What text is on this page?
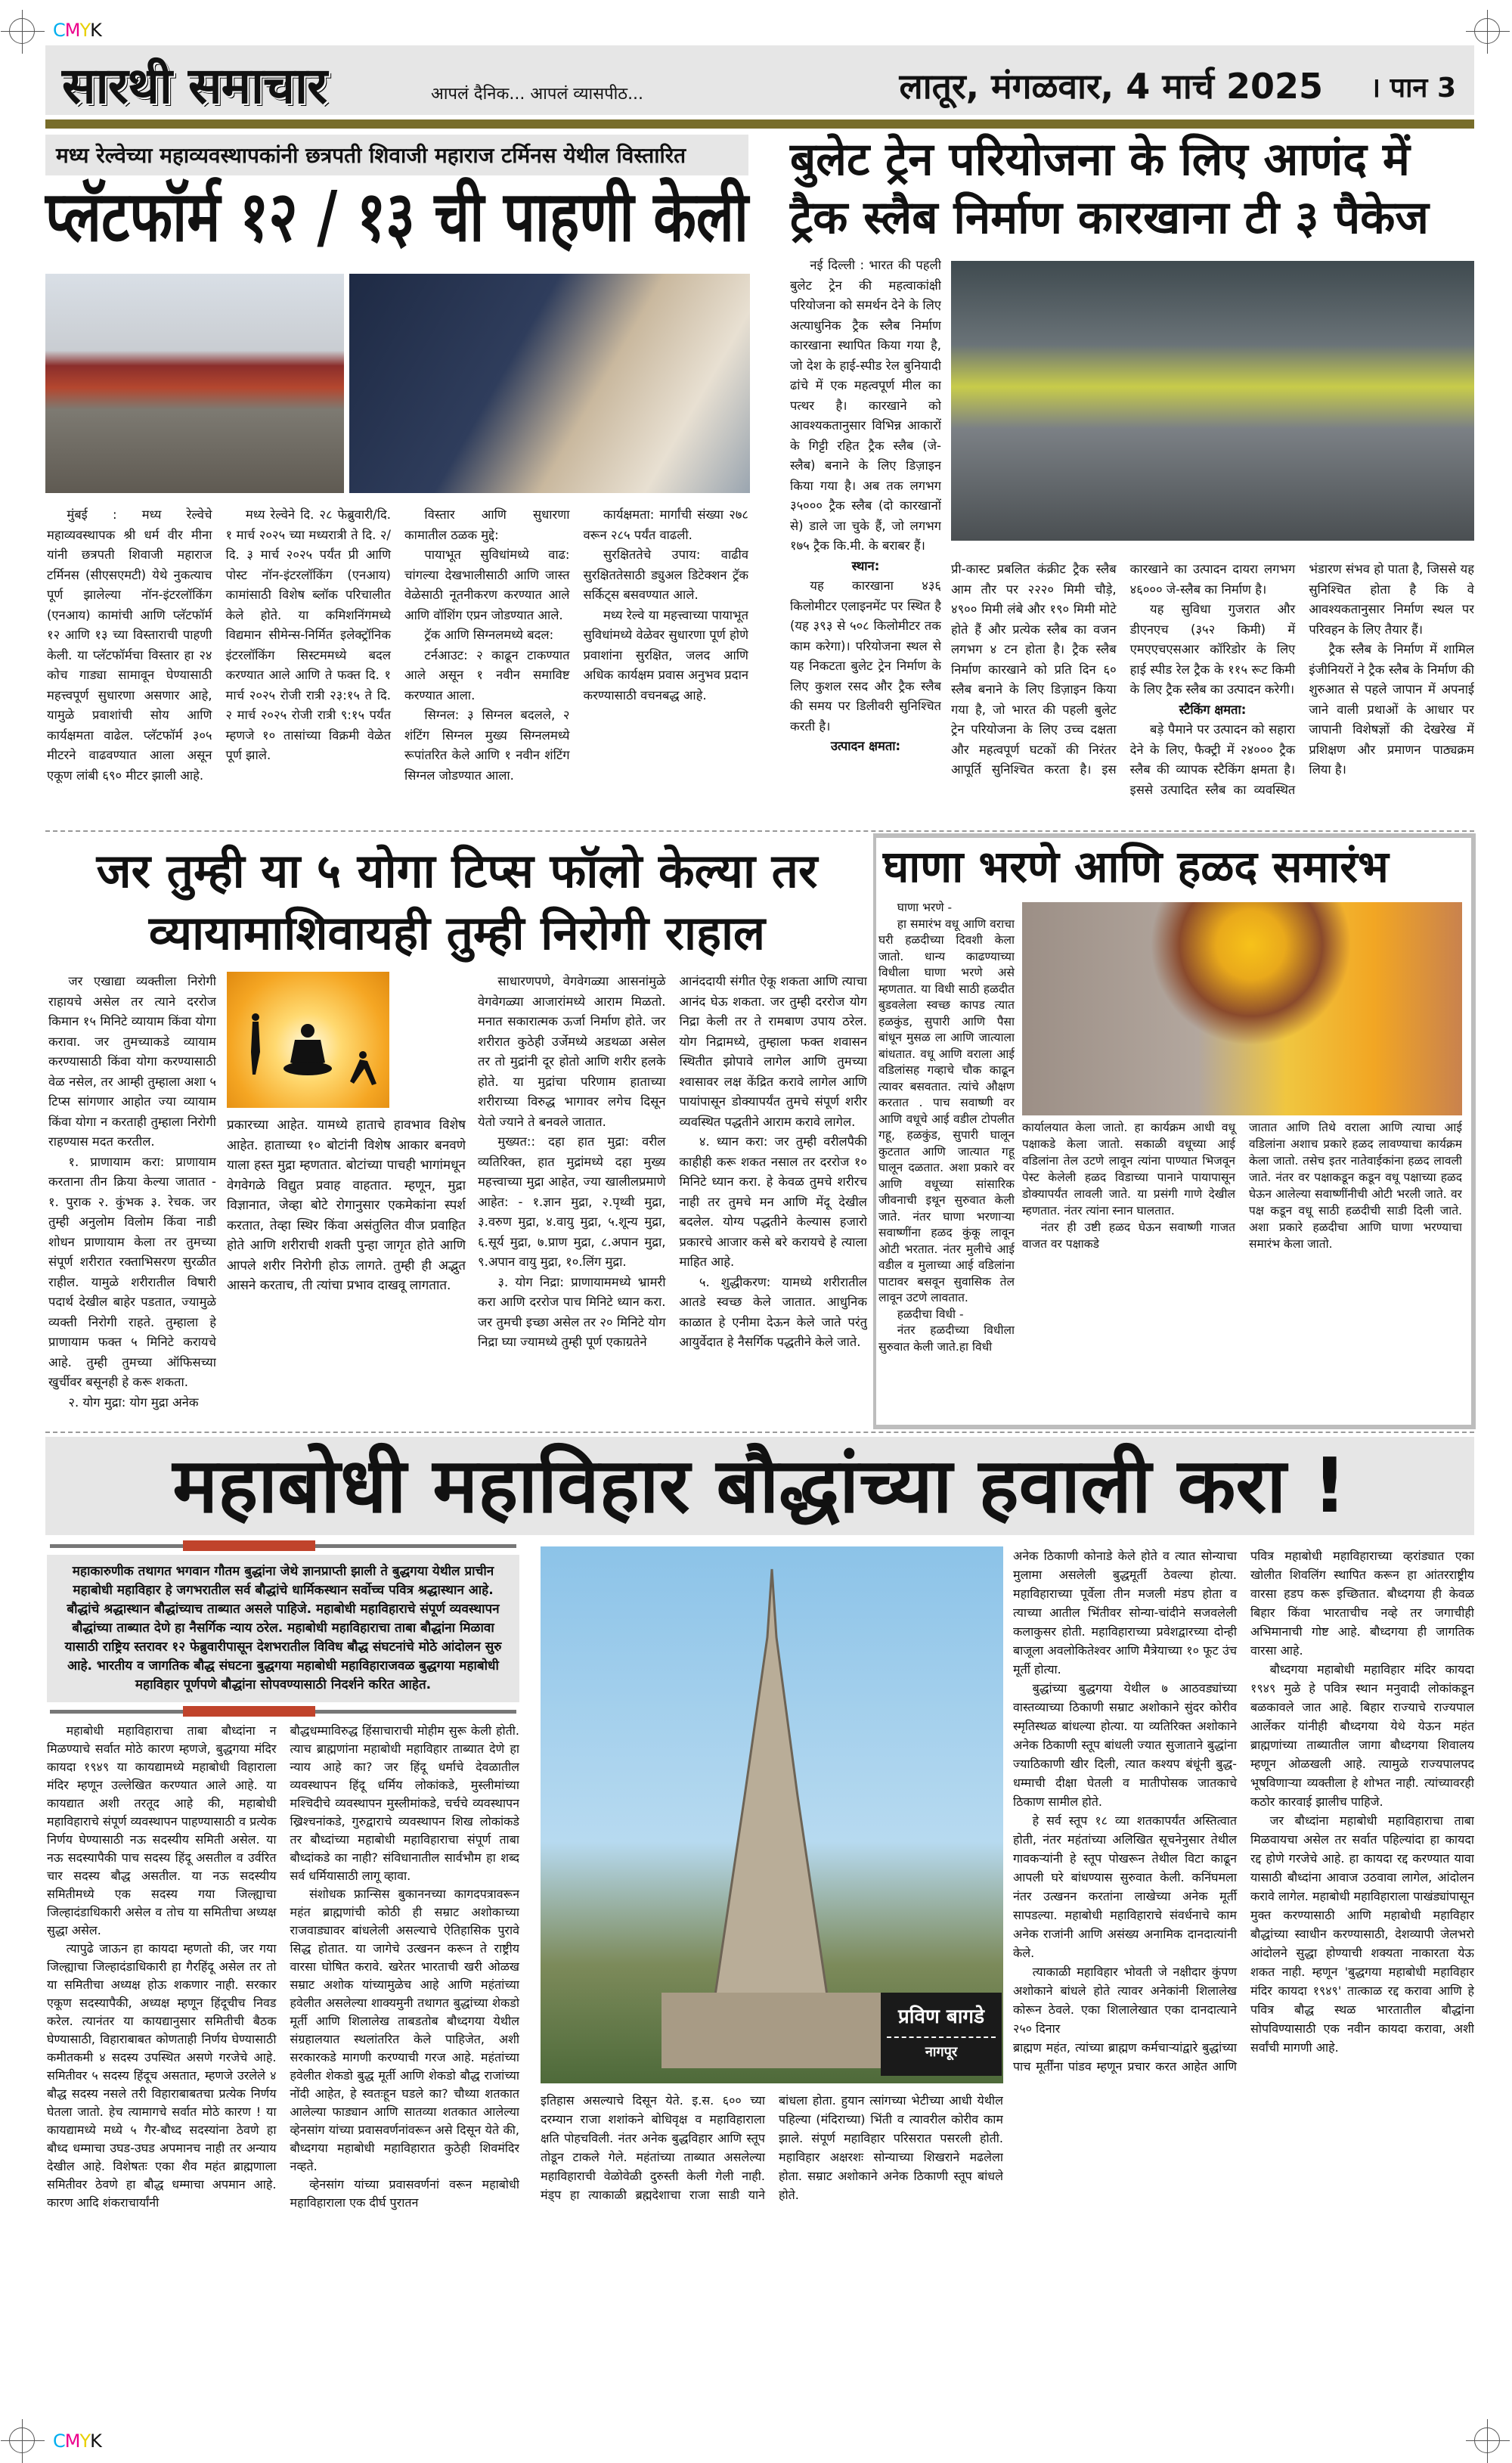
CMYK
CMYK
सारथी समाचार	आपलं दैनिक... आपलं व्यासपीठ...	लातूर, मंगळवार, 4 मार्च 2025 । पान 3
मध्य रेल्वेच्या महाव्यवस्थापकांनी छत्रपती शिवाजी महाराज टर्मिनस येथील विस्तारित
प्लॅटफॉर्म १२ / १३ ची पाहणी केली

मुंबई : मध्य रेल्वेचे महाव्यवस्थापक श्री धर्म वीर मीना यांनी छत्रपती शिवाजी महाराज टर्मिनस (सीएसएमटी) येथे नुकत्याच पूर्ण झालेल्या नॉन-इंटरलॉकिंग (एनआय) कामांची आणि प्लॅटफॉर्म १२ आणि १३ च्या विस्ताराची पाहणी केली. या प्लॅटफॉर्मचा विस्तार हा २४ कोच गाड्या सामावून घेण्यासाठी महत्त्वपूर्ण सुधारणा असणार आहे, यामुळे प्रवाशांची सोय आणि कार्यक्षमता वाढेल. प्लॅटफॉर्म ३०५ मीटरने वाढवण्यात आला असून एकूण लांबी ६९० मीटर झाली आहे.

मध्य रेल्वेने दि. २८ फेब्रुवारी/दि. १ मार्च २०२५ च्या मध्यरात्री ते दि. २/ दि. ३ मार्च २०२५ पर्यंत प्री आणि पोस्ट नॉन-इंटरलॉकिंग (एनआय) कामांसाठी विशेष ब्लॉक परिचालीत केले होते. या कमिशनिंगमध्ये विद्यमान सीमेन्स-निर्मित इलेक्ट्रॉनिक इंटरलॉकिंग सिस्टममध्ये बदल करण्यात आले आणि ते फक्त दि. १ मार्च २०२५ रोजी रात्री २३:१५ ते दि. २ मार्च २०२५ रोजी रात्री ९:१५ पर्यंत म्हणजे १० तासांच्या विक्रमी वेळेत पूर्ण झाले.

विस्तार आणि सुधारणा कामातील ठळक मुद्दे:

पायाभूत सुविधांमध्ये वाढ: चांगल्या देखभालीसाठी आणि जास्त वेळेसाठी नूतनीकरण करण्यात आले आणि वॉशिंग एप्रन जोडण्यात आले.

ट्रॅक आणि सिग्नलमध्ये बदल:

टर्नआउट: २ काढून टाकण्यात आले असून १ नवीन समाविष्ट करण्यात आला.

सिग्नल: ३ सिग्नल बदलले, २ शंटिंग सिग्नल मुख्य सिग्नलमध्ये रूपांतरित केले आणि १ नवीन शंटिंग सिग्नल जोडण्यात आला.

कार्यक्षमता: मार्गांची संख्या २७८ वरून २८५ पर्यंत वाढली.

सुरक्षिततेचे उपाय: वाढीव सुरक्षिततेसाठी ड्युअल डिटेक्शन ट्रॅक सर्किट्स बसवण्यात आले.

मध्य रेल्वे या महत्त्वाच्या पायाभूत सुविधांमध्ये वेळेवर सुधारणा पूर्ण होणे प्रवाशांना सुरक्षित, जलद आणि अधिक कार्यक्षम प्रवास अनुभव प्रदान करण्यासाठी वचनबद्ध आहे.

बुलेट ट्रेन परियोजना के लिए आणंद में
ट्रैक स्लैब निर्माण कारखाना टी ३ पैकेज

नई दिल्ली : भारत की पहली बुलेट ट्रेन की महत्वाकांक्षी परियोजना को समर्थन देने के लिए अत्याधुनिक ट्रैक स्लैब निर्माण कारखाना स्थापित किया गया है, जो देश के हाई-स्पीड रेल बुनियादी ढांचे में एक महत्वपूर्ण मील का पत्थर है। कारखाने को आवश्यकतानुसार विभिन्न आकारों के गिट्टी रहित ट्रैक स्लैब (जे-स्लैब) बनाने के लिए डिज़ाइन किया गया है। अब तक लगभग ३५००० ट्रैक स्लैब (दो कारखानों से) डाले जा चुके हैं, जो लगभग १७५ ट्रैक कि.मी. के बराबर हैं।

स्थान:

यह कारखाना ४३६ किलोमीटर एलाइनमेंट पर स्थित है (यह ३९३ से ५०८ किलोमीटर तक काम करेगा)। परियोजना स्थल से यह निकटता बुलेट ट्रेन निर्माण के लिए कुशल रसद और ट्रैक स्लैब की समय पर डिलीवरी सुनिश्चित करती है।

उत्पादन क्षमता:

प्री-कास्ट प्रबलित कंक्रीट ट्रैक स्लैब आम तौर पर २२२० मिमी चौड़े, ४९०० मिमी लंबे और १९० मिमी मोटे होते हैं और प्रत्येक स्लैब का वजन लगभग ४ टन होता है। ट्रैक स्लैब निर्माण कारखाने को प्रति दिन ६० स्लैब बनाने के लिए डिज़ाइन किया गया है, जो भारत की पहली बुलेट ट्रेन परियोजना के लिए उच्च दक्षता और महत्वपूर्ण घटकों की निरंतर आपूर्ति सुनिश्चित करता है। इस कारखाने का उत्पादन दायरा लगभग ४६००० जे-स्लैब का निर्माण है।

यह सुविधा गुजरात और डीएनएच (३५२ किमी) में एमएएचएसआर कॉरिडोर के लिए हाई स्पीड रेल ट्रैक के ११५ रूट किमी के लिए ट्रैक स्लैब का उत्पादन करेगी।

स्टैकिंग क्षमता:

बड़े पैमाने पर उत्पादन को सहारा देने के लिए, फैक्ट्री में २४००० ट्रैक स्लैब की व्यापक स्टैकिंग क्षमता है। इससे उत्पादित स्लैब का व्यवस्थित भंडारण संभव हो पाता है, जिससे यह सुनिश्चित होता है कि वे आवश्यकतानुसार निर्माण स्थल पर परिवहन के लिए तैयार हैं।

ट्रैक स्लैब के निर्माण में शामिल इंजीनियरों ने ट्रैक स्लैब के निर्माण की शुरुआत से पहले जापान में अपनाई जाने वाली प्रथाओं के आधार पर जापानी विशेषज्ञों की देखरेख में प्रशिक्षण और प्रमाणन पाठ्यक्रम लिया है।

जर तुम्ही या ५ योगा टिप्स फॉलो केल्या तर
व्यायामाशिवायही तुम्ही निरोगी राहाल

जर एखाद्या व्यक्तीला निरोगी राहायचे असेल तर त्याने दररोज किमान १५ मिनिटे व्यायाम किंवा योगा करावा. जर तुमच्याकडे व्यायाम करण्यासाठी किंवा योगा करण्यासाठी वेळ नसेल, तर आम्ही तुम्हाला अशा ५ टिप्स सांगणार आहोत ज्या व्यायाम किंवा योगा न करताही तुम्हाला निरोगी राहण्यास मदत करतील.

१. प्राणायाम करा: प्राणायाम करताना तीन क्रिया केल्या जातात - १. पुराक २. कुंभक ३. रेचक. जर तुम्ही अनुलोम विलोम किंवा नाडी शोधन प्राणायाम केला तर तुमच्या संपूर्ण शरीरात रक्ताभिसरण सुरळीत राहील. यामुळे शरीरातील विषारी पदार्थ देखील बाहेर पडतात, ज्यामुळे व्यक्ती निरोगी राहते. तुम्हाला हे प्राणायाम फक्त ५ मिनिटे करायचे आहे. तुम्ही तुमच्या ऑफिसच्या खुर्चीवर बसूनही हे करू शकता.

२. योग मुद्रा: योग मुद्रा अनेक

प्रकारच्या आहेत. यामध्ये हाताचे हावभाव विशेष आहेत. हाताच्या १० बोटांनी विशेष आकार बनवणे याला हस्त मुद्रा म्हणतात. बोटांच्या पाचही भागांमधून वेगवेगळे विद्युत प्रवाह वाहतात. म्हणून, मुद्रा विज्ञानात, जेव्हा बोटे रोगानुसार एकमेकांना स्पर्श करतात, तेव्हा स्थिर किंवा असंतुलित वीज प्रवाहित होते आणि शरीराची शक्ती पुन्हा जागृत होते आणि आपले शरीर निरोगी होऊ लागते. तुम्ही ही अद्भुत आसने करताच, ती त्यांचा प्रभाव दाखवू लागतात.

साधारणपणे, वेगवेगळ्या आसनांमुळे वेगवेगळ्या आजारांमध्ये आराम मिळतो. मनात सकारात्मक ऊर्जा निर्माण होते. जर शरीरात कुठेही उर्जेमध्ये अडथळा असेल तर तो मुद्रांनी दूर होतो आणि शरीर हलके होते. या मुद्रांचा परिणाम हाताच्या शरीराच्या विरुद्ध भागावर लगेच दिसून येतो ज्याने ते बनवले जातात.

मुख्यत:: दहा हात मुद्रा: वरील व्यतिरिक्त, हात मुद्रांमध्ये दहा मुख्य महत्त्वाच्या मुद्रा आहेत, ज्या खालीलप्रमाणे आहेत: - १.ज्ञान मुद्रा, २.पृथ्वी मुद्रा, ३.वरुण मुद्रा, ४.वायु मुद्रा, ५.शून्य मुद्रा, ६.सूर्य मुद्रा, ७.प्राण मुद्रा, ८.अपान मुद्रा, ९.अपान वायु मुद्रा, १०.लिंग मुद्रा.

३. योग निद्रा: प्राणायाममध्ये भ्रामरी करा आणि दररोज पाच मिनिटे ध्यान करा. जर तुमची इच्छा असेल तर २० मिनिटे योग निद्रा घ्या ज्यामध्ये तुम्ही पूर्ण एकाग्रतेने

आनंददायी संगीत ऐकू शकता आणि त्याचा आनंद घेऊ शकता. जर तुम्ही दररोज योग निद्रा केली तर ते रामबाण उपाय ठरेल. योग निद्रामध्ये, तुम्हाला फक्त शवासन स्थितीत झोपावे लागेल आणि तुमच्या श्वासावर लक्ष केंद्रित करावे लागेल आणि पायांपासून डोक्यापर्यंत तुमचे संपूर्ण शरीर व्यवस्थित पद्धतीने आराम करावे लागेल.

४. ध्यान करा: जर तुम्ही वरीलपैकी काहीही करू शकत नसाल तर दररोज १० मिनिटे ध्यान करा. हे केवळ तुमचे शरीरच नाही तर तुमचे मन आणि मेंदू देखील बदलेल. योग्य पद्धतीने केल्यास हजारो प्रकारचे आजार कसे बरे करायचे हे त्याला माहित आहे.

५. शुद्धीकरण: यामध्ये शरीरातील आतडे स्वच्छ केले जातात. आधुनिक काळात हे एनीमा देऊन केले जाते परंतु आयुर्वेदात हे नैसर्गिक पद्धतीने केले जाते.

घाणा भरणे आणि हळद समारंभ

घाणा भरणे -

हा समारंभ वधू आणि वराचा घरी हळदीच्या दिवशी केला जातो. धान्य काढण्याच्या विधीला घाणा भरणे असे म्हणतात. या विधी साठी हळदीत बुडवलेला स्वच्छ कापड त्यात हळकुंड, सुपारी आणि पैसा बांधून मुसळ ला आणि जात्याला बांधतात. वधू आणि वराला आई वडिलांसह गव्हाचे चौक काढून त्यावर बसवतात. त्यांचे औक्षण करतात . पाच सवाष्णी वर आणि वधूचे आई वडील टोपलीत गहू, हळकुंड, सुपारी घालून कुटतात आणि जात्यात गहू घालून दळतात. अशा प्रकारे वर आणि वधूच्या सांसारिक जीवनाची इथून सुरुवात केली जाते. नंतर घाणा भरणाऱ्या सवाष्णींना हळद कुंकू लावून ओटी भरतात. नंतर मुलीचे आई वडील व मुलाच्या आई वडिलांना पाटावर बसवून सुवासिक तेल लावून उटणे लावतात.

हळदीचा विधी -

नंतर हळदीच्या विधीला सुरुवात केली जाते.हा विधी

कार्यालयात केला जातो. हा कार्यक्रम आधी वधू पक्षाकडे केला जातो. सकाळी वधूच्या आई वडिलांना तेल उटणे लावून त्यांना पाण्यात भिजवून पेस्ट केलेली हळद विडाच्या पानाने पायापासून डोक्यापर्यंत लावली जाते. या प्रसंगी गाणे देखील म्हणतात. नंतर त्यांना स्नान घालतात.

नंतर ही उष्टी हळद घेऊन सवाष्णी गाजत वाजत वर पक्षाकडे

जातात आणि तिथे वराला आणि त्याचा आई वडिलांना अशाच प्रकारे हळद लावण्याचा कार्यक्रम केला जातो. तसेच इतर नातेवाईकांना हळद लावली जाते. नंतर वर पक्षाकडून कडून वधू पक्षाच्या हळद घेऊन आलेल्या सवाष्णींनीची ओटी भरली जाते. वर पक्ष कडून वधू साठी हळदीची साडी दिली जाते. अशा प्रकारे हळदीचा आणि घाणा भरण्याचा समारंभ केला जातो.

महाबोधी महाविहार बौद्धांच्या हवाली करा !
महाकारुणीक तथागत भगवान गौतम बुद्धांना जेथे ज्ञानप्राप्ती झाली ते बुद्धगया येथील प्राचीन महाबोधी महाविहार हे जगभरातील सर्व बौद्धांचे धार्मिकस्थान सर्वोच्च पवित्र श्रद्धास्थान आहे. बौद्धांचे श्रद्धास्थान बौद्धांच्याच ताब्यात असले पाहिजे. महाबोधी महाविहाराचे संपूर्ण व्यवस्थापन बौद्धांच्या ताब्यात देणे हा नैसर्गिक न्याय ठरेल. महाबोधी महाविहाराचा ताबा बौद्धांना मिळावा यासाठी राष्ट्रिय स्तरावर १२ फेब्रुवारीपासून देशभरातील विविध बौद्ध संघटनांचे मोठे आंदोलन सुरु आहे. भारतीय व जागतिक बौद्ध संघटना बुद्धगया महाबोधी महाविहाराजवळ बुद्धगया महाबोधी महाविहार पूर्णपणे बौद्धांना सोपवण्यासाठी निदर्शने करित आहेत.

महाबोधी महाविहाराचा ताबा बौध्दांना न मिळण्याचे सर्वात मोठे कारण म्हणजे, बुद्धगया मंदिर कायदा १९४९ या कायद्यामध्ये महाबोधी विहाराला मंदिर म्हणून उल्लेखित करण्यात आले आहे. या कायद्यात अशी तरतूद आहे की, महाबोधी महाविहाराचे संपूर्ण व्यवस्थापन पाहण्यासाठी व प्रत्येक निर्णय घेण्यासाठी नऊ सदस्यीय समिती असेल. या नऊ सदस्यापैकी पाच सदस्य हिंदू असतील व उर्वरित चार सदस्य बौद्ध असतील. या नऊ सदस्यीय समितीमध्ये एक सदस्य गया जिल्ह्याचा जिल्हादंडाधिकारी असेल व तोच या समितीचा अध्यक्ष सुद्धा असेल.

त्यापुढे जाऊन हा कायदा म्हणतो की, जर गया जिल्ह्याचा जिल्हादंडाधिकारी हा गैरहिंदू असेल तर तो या समितीचा अध्यक्ष होऊ शकणार नाही. सरकार एकूण सदस्यापैकी, अध्यक्ष म्हणून हिंदूचीच निवड करेल. त्यानंतर या कायद्यानुसार समितीची बैठक घेण्यासाठी, विहाराबाबत कोणताही निर्णय घेण्यासाठी कमीतकमी ४ सदस्य उपस्थित असणे गरजेचे आहे. समितीवर ५ सदस्य हिंदूच असतात, म्हणजे उरलेले ४ बौद्ध सदस्य नसले तरी विहाराबाबतचा प्रत्येक निर्णय घेतला जातो. हेच त्यामागचे सर्वात मोठे कारण ! या कायद्यामध्ये मध्ये ५ गैर-बौध्द सदस्यांना ठेवणे हा बौध्द धम्माचा उघड-उघड अपमानच नाही तर अन्याय देखील आहे. विशेषतः एका शैव महंत ब्राह्मणाला समितीवर ठेवणे हा बौद्ध धम्माचा अपमान आहे. कारण आदि शंकराचार्यांनी

बौद्धधम्माविरुद्ध हिंसाचाराची मोहीम सुरू केली होती. त्याच ब्राह्मणांना महाबोधी महाविहार ताब्यात देणे हा न्याय आहे का? जर हिंदू धर्माचे देवळातील व्यवस्थापन हिंदू धर्मिय लोकांकडे, मुस्लीमांच्या मश्चिदीचे व्यवस्थापन मुस्लीमांकडे, चर्चचे व्यवस्थापन ख्रिश्चनांकडे, गुरुद्वाराचे व्यवस्थापन शिख लोकांकडे तर बौध्दांच्या महाबोधी महाविहाराचा संपूर्ण ताबा बौध्दांकडे का नाही? संविधानातील सार्वभौम हा शब्द सर्व धर्मियासाठी लागू व्हावा.

संशोधक फ्रान्सिस बुकाननच्या कागदपत्रावरून महंत ब्राह्मणांची कोठी ही सम्राट अशोकाच्या राजवाड्यावर बांधलेली असल्याचे ऐतिहासिक पुरावे सिद्ध होतात. या जागेचे उत्खनन करून ते राष्ट्रीय वारसा घोषित करावे. खरेतर भारताची खरी ओळख सम्राट अशोक यांच्यामुळेच आहे आणि महंतांच्या हवेलीत असलेल्या शाक्यमुनी तथागत बुद्धांच्या शेकडो मूर्ती आणि शिलालेख ताबडतोब बौध्दगया येथील संग्रहालयात स्थलांतरित केले पाहिजेत, अशी सरकारकडे मागणी करण्याची गरज आहे. महंतांच्या हवेलीत शेकडो बुद्ध मूर्ती आणि शेकडो बौद्ध राजांच्या नोंदी आहेत, हे स्वतःहून घडले का? चौथ्या शतकात आलेल्या फाड्यान आणि सातव्या शतकात आलेल्या व्हेनसांग यांच्या प्रवासवर्णनांवरून असे दिसून येते की, बौध्दगया महाबोधी महाविहारात कुठेही शिवमंदिर नव्हते.

व्हेनसांग यांच्या प्रवासवर्णनां वरून महाबोधी महाविहाराला एक दीर्घ पुरातन

इतिहास असल्याचे दिसून येते. इ.स. ६०० च्या दरम्यान राजा शशांकने बोधिवृक्ष व महाविहाराला क्षति पोहचविली. नंतर अनेक बुद्धविहार आणि स्तूप तोडून टाकले गेले. महंतांच्या ताब्यात असलेल्या महाविहाराची वेळोवेळी दुरुस्ती केली गेली नाही. मंड्प हा त्याकाळी ब्रह्मदेशाचा राजा साडी याने बांधला होता. हुयान त्सांगच्या भेटीच्या आधी येथील पहिल्या (मंदिराच्या) भिंती व त्यावरील कोरीव काम झाले. संपूर्ण महाविहार परिसरात पसरली होती. महाविहार अक्षरशः सोन्याच्या शिखराने मढलेला होता. सम्राट अशोकाने अनेक ठिकाणी स्तूप बांधले होते.

अनेक ठिकाणी कोनाडे केले होते व त्यात सोन्याचा मुलामा असलेली बुद्धमूर्ती ठेवल्या होत्या. महाविहाराच्या पूर्वेला तीन मजली मंडप होता व त्याच्या आतील भिंतीवर सोन्या-चांदीने सजवलेली कलाकुसर होती. महाविहाराच्या प्रवेशद्वारच्या दोन्ही बाजूला अवलोकितेश्वर आणि मैत्रेयाच्या १० फूट उंच मूर्ती होत्या.

बुद्धांच्या बुद्धगया येथील ७ आठवड्यांच्या वास्तव्याच्या ठिकाणी सम्राट अशोकाने सुंदर कोरीव स्मृतिस्थळ बांधल्या होत्या. या व्यतिरिक्त अशोकाने अनेक ठिकाणी स्तूप बांधली ज्यात सुजाताने बुद्धांना ज्याठिकाणी खीर दिली, त्यात कश्यप बंधूंनी बुद्ध-धम्माची दीक्षा घेतली व मातीपोसक जातकाचे ठिकाण सामील होते.

हे सर्व स्तूप १८ व्या शतकापर्यंत अस्तित्वात होती, नंतर महंतांच्या अलिखित सूचनेनुसार तेथील गावकऱ्यांनी हे स्तूप पोखरून तेथील विटा काढून आपली घरे बांधण्यास सुरुवात केली. कनिंघमला नंतर उत्खनन करतांना लाखेच्या अनेक मूर्ती सापडल्या. महाबोधी महाविहाराचे संवर्धनाचे काम अनेक राजांनी आणि असंख्य अनामिक दानदात्यांनी केले.

त्याकाळी महाविहार भोवती जे नक्षीदार कुंपण अशोकाने बांधले होते त्यावर अनेकांनी शिलालेख कोरून ठेवले. एका शिलालेखात एका दानदात्याने २५० दिनार

ब्राह्मण महंत, त्यांच्या ब्राह्मण कर्मचाऱ्यांद्वारे बुद्धांच्या पाच मूर्तींना पांडव म्हणून प्रचार करत आहेत आणि पवित्र महाबोधी महाविहाराच्या व्हरांड्यात एका खोलीत शिवलिंग स्थापित करून हा आंतरराष्ट्रीय वारसा हडप करू इच्छितात. बौध्दगया ही केवळ बिहार किंवा भारताचीच नव्हे तर जगाचीही अभिमानाची गोष्ट आहे. बौध्दगया ही जागतिक वारसा आहे.

बौध्दगया महाबोधी महाविहार मंदिर कायदा १९४९ मुळे हे पवित्र स्थान मनुवादी लोकांकडून बळकावले जात आहे. बिहार राज्याचे राज्यपाल आर्लेकर यांनीही बौध्दगया येथे येऊन महंत ब्राह्मणांच्या ताब्यातील जागा बौध्दगया शिवालय म्हणून ओळखली आहे. त्यामुळे राज्यपालपद भूषविणाऱ्या व्यक्तीला हे शोभत नाही. त्यांच्यावरही कठोर कारवाई झालीच पाहिजे.

जर बौध्दांना महाबोधी महाविहाराचा ताबा मिळवायचा असेल तर सर्वात पहिल्यांदा हा कायदा रद्द होणे गरजेचे आहे. हा कायदा रद्द करण्यात यावा यासाठी बौध्दांना आवाज उठवावा लागेल, आंदोलन करावे लागेल. महाबोधी महाविहाराला पाखंड्यांपासून मुक्त करण्यासाठी आणि महाबोधी महाविहार बौद्धांच्या स्वाधीन करण्यासाठी, देशव्यापी जेलभरो आंदोलने सुद्धा होण्याची शक्यता नाकारता येऊ शकत नाही. म्हणून 'बुद्धगया महाबोधी महाविहार मंदिर कायदा १९४९' तात्काळ रद्द करावा आणि हे पवित्र बौद्ध स्थळ भारतातील बौद्धांना सोपविण्यासाठी एक नवीन कायदा करावा, अशी सर्वांची मागणी आहे.

प्रविण बागडे
नागपूर
